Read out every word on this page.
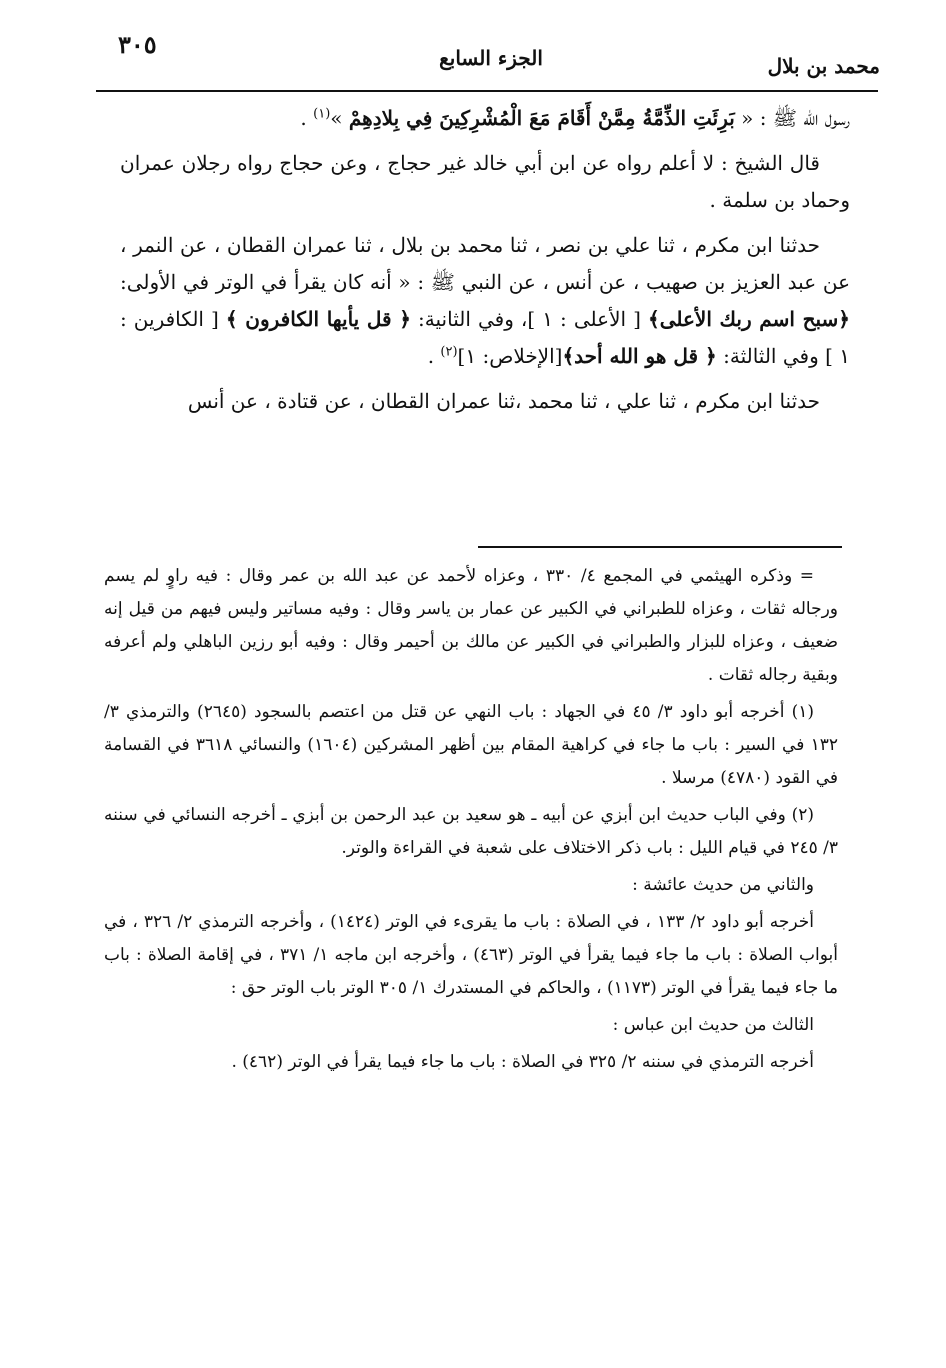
محمد بن بلال
الجزء السابع
٣٠٥

رسول الله ﷺ : « بَرِئَتِ الذِّمَّةُ مِمَّنْ أَقَامَ مَعَ الْمُشْرِكِينَ فِي بِلادِهِمْ »$^{(١)}$ .

قال الشيخ : لا أعلم رواه عن ابن أبي خالد غير حجاج ، وعن حجاج رواه رجلان عمران وحماد بن سلمة .

حدثنا ابن مكرم ، ثنا علي بن نصر ، ثنا محمد بن بلال ، ثنا عمران القطان ، عن النمر ، عن عبد العزيز بن صهيب ، عن أنس ، عن النبي ﷺ : « أنه كان يقرأ في الوتر في الأولى: ﴿سبح اسم ربك الأعلى﴾ [ الأعلى : ١ ]، وفي الثانية: ﴿ قل يأيها الكافرون ﴾ [ الكافرين : ١ ] وفي الثالثة: ﴿ قل هو الله أحد﴾[الإخلاص: ١]$^{(٢)}$ .

حدثنا ابن مكرم ، ثنا علي ، ثنا محمد ،ثنا عمران القطان ، عن قتادة ، عن أنس

= وذكره الهيثمي في المجمع ٤/ ٣٣٠ ، وعزاه لأحمد عن عبد الله بن عمر وقال : فيه راوٍ لم يسم ورجاله ثقات ، وعزاه للطبراني في الكبير عن عمار بن ياسر وقال : وفيه مساتير وليس فيهم من قيل إنه ضعيف ، وعزاه للبزار والطبراني في الكبير عن مالك بن أحيمر وقال : وفيه أبو رزين الباهلي ولم أعرفه وبقية رجاله ثقات .

(١) أخرجه أبو داود ٣/ ٤٥ في الجهاد : باب النهي عن قتل من اعتصم بالسجود (٢٦٤٥) والترمذي ٣/ ١٣٢ في السير : باب ما جاء في كراهية المقام بين أظهر المشركين (١٦٠٤) والنسائي ٣٦١٨ في القسامة في القود (٤٧٨٠) مرسلا .

(٢) وفي الباب حديث ابن أبزي عن أبيه ـ هو سعيد بن عبد الرحمن بن أبزي ـ أخرجه النسائي في سننه ٣/ ٢٤٥ في قيام الليل : باب ذكر الاختلاف على شعبة في القراءة والوتر.

والثاني من حديث عائشة :

أخرجه أبو داود ٢/ ١٣٣ ، في الصلاة : باب ما يقرىء في الوتر (١٤٢٤) ، وأخرجه الترمذي ٢/ ٣٢٦ ، في أبواب الصلاة : باب ما جاء فيما يقرأ في الوتر (٤٦٣) ، وأخرجه ابن ماجه ١/ ٣٧١ ، في إقامة الصلاة : باب ما جاء فيما يقرأ في الوتر (١١٧٣) ، والحاكم في المستدرك ١/ ٣٠٥ الوتر باب الوتر حق :

الثالث من حديث ابن عباس :

أخرجه الترمذي في سننه ٢/ ٣٢٥ في الصلاة : باب ما جاء فيما يقرأ في الوتر (٤٦٢) .
